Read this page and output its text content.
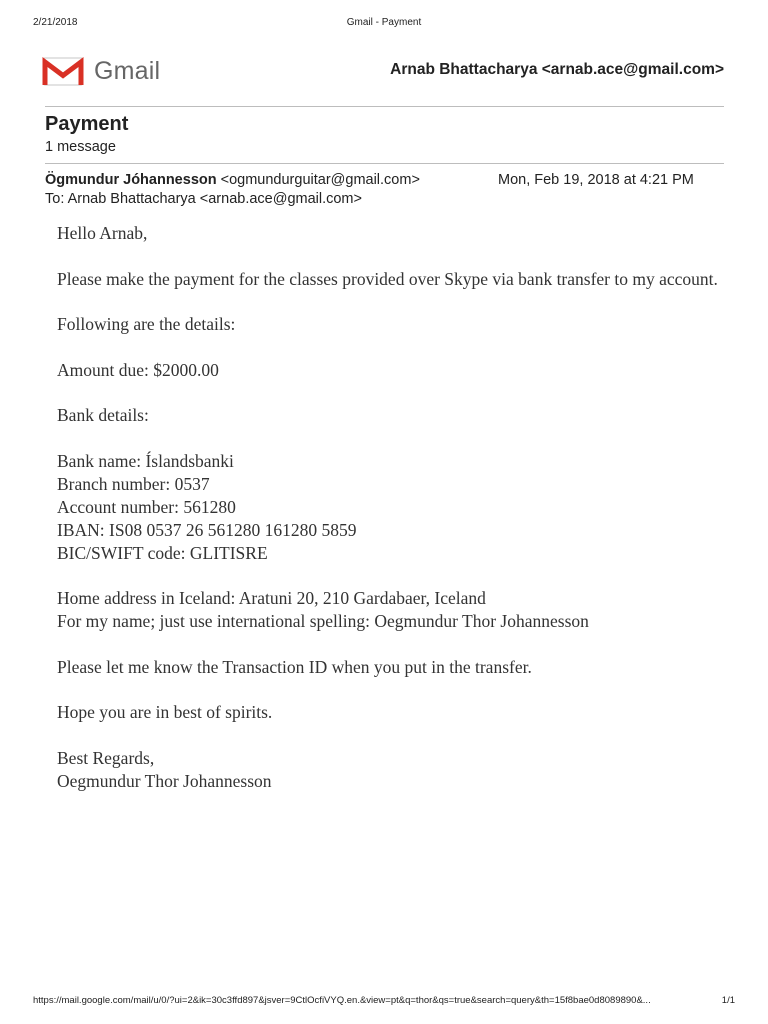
2/21/2018	Gmail - Payment
Gmail	Arnab Bhattacharya <arnab.ace@gmail.com>
Payment
1 message
Ögmundur Jóhannesson <ogmundurguitar@gmail.com>	Mon, Feb 19, 2018 at 4:21 PM
To: Arnab Bhattacharya <arnab.ace@gmail.com>

Hello Arnab,

Please make the payment for the classes provided over Skype via bank transfer to my account.

Following are the details:

Amount due: $2000.00

Bank details:

Bank name: Íslandsbanki

Branch number: 0537

Account number: 561280

IBAN: IS08 0537 26 561280 161280 5859

BIC/SWIFT code: GLITISRE

Home address in Iceland: Aratuni 20, 210 Gardabaer, Iceland

For my name; just use international spelling: Oegmundur Thor Johannesson

Please let me know the Transaction ID when you put in the transfer.

Hope you are in best of spirits.

Best Regards,

Oegmundur Thor Johannesson

https://mail.google.com/mail/u/0/?ui=2&ik=30c3ffd897&jsver=9CtlOcfiVYQ.en.&view=pt&q=thor&qs=true&search=query&th=15f8bae0d8089890&...	1/1
